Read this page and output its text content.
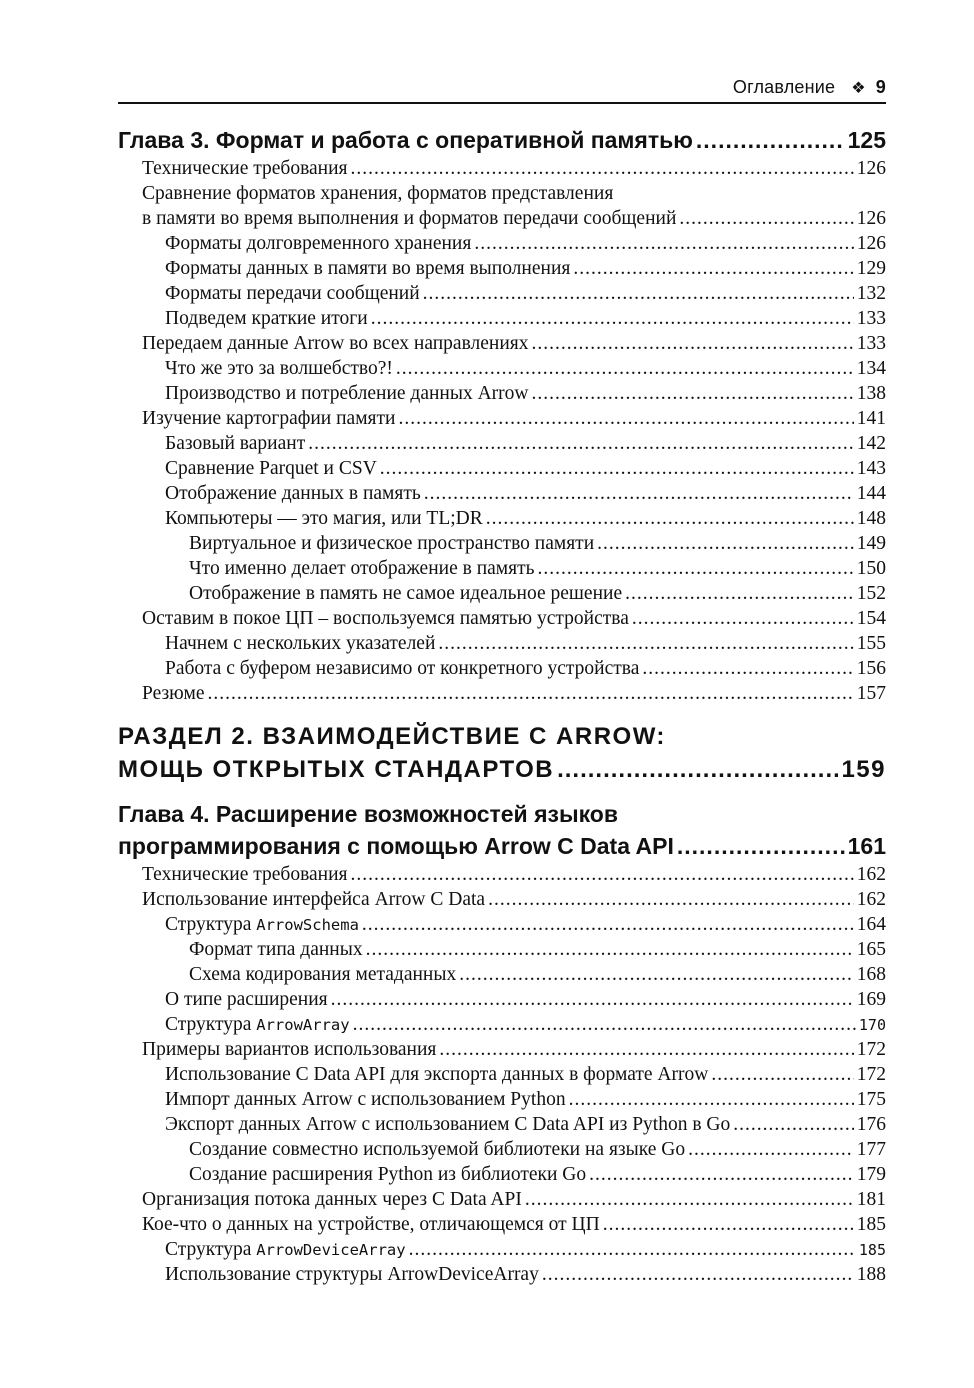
Оглавление ❖ 9
Глава 3. Формат и работа с оперативной памятью .....	125
Технические требования .....	126
Сравнение форматов хранения, форматов представления
в памяти во время выполнения и форматов передачи сообщений .....	126
Форматы долговременного хранения .....	126
Форматы данных в памяти во время выполнения .....	129
Форматы передачи сообщений .....	132
Подведем краткие итоги .....	133
Передаем данные Arrow во всех направлениях .....	133
Что же это за волшебство?! .....	134
Производство и потребление данных Arrow .....	138
Изучение картографии памяти .....	141
Базовый вариант .....	142
Сравнение Parquet и CSV .....	143
Отображение данных в память .....	144
Компьютеры — это магия, или TL;DR .....	148
Виртуальное и физическое пространство памяти .....	149
Что именно делает отображение в память .....	150
Отображение в память не самое идеальное решение .....	152
Оставим в покое ЦП – воспользуемся памятью устройства .....	154
Начнем с нескольких указателей .....	155
Работа с буфером независимо от конкретного устройства .....	156
Резюме .....	157
РАЗДЕЛ 2. ВЗАИМОДЕЙСТВИЕ С ARROW:
МОЩЬ ОТКРЫТЫХ СТАНДАРТОВ .....	159
Глава 4. Расширение возможностей языков
программирования с помощью Arrow C Data API .....	161
Технические требования .....	162
Использование интерфейса Arrow C Data .....	162
Структура ArrowSchema .....	164
Формат типа данных .....	165
Схема кодирования метаданных .....	168
О типе расширения .....	169
Структура ArrowArray .....	170
Примеры вариантов использования .....	172
Использование C Data API для экспорта данных в формате Arrow .....	172
Импорт данных Arrow с использованием Python .....	175
Экспорт данных Arrow с использованием C Data API из Python в Go .....	176
Создание совместно используемой библиотеки на языке Go .....	177
Создание расширения Python из библиотеки Go .....	179
Организация потока данных через C Data API .....	181
Кое-что о данных на устройстве, отличающемся от ЦП .....	185
Структура ArrowDeviceArray .....	185
Использование структуры ArrowDeviceArray .....	188
